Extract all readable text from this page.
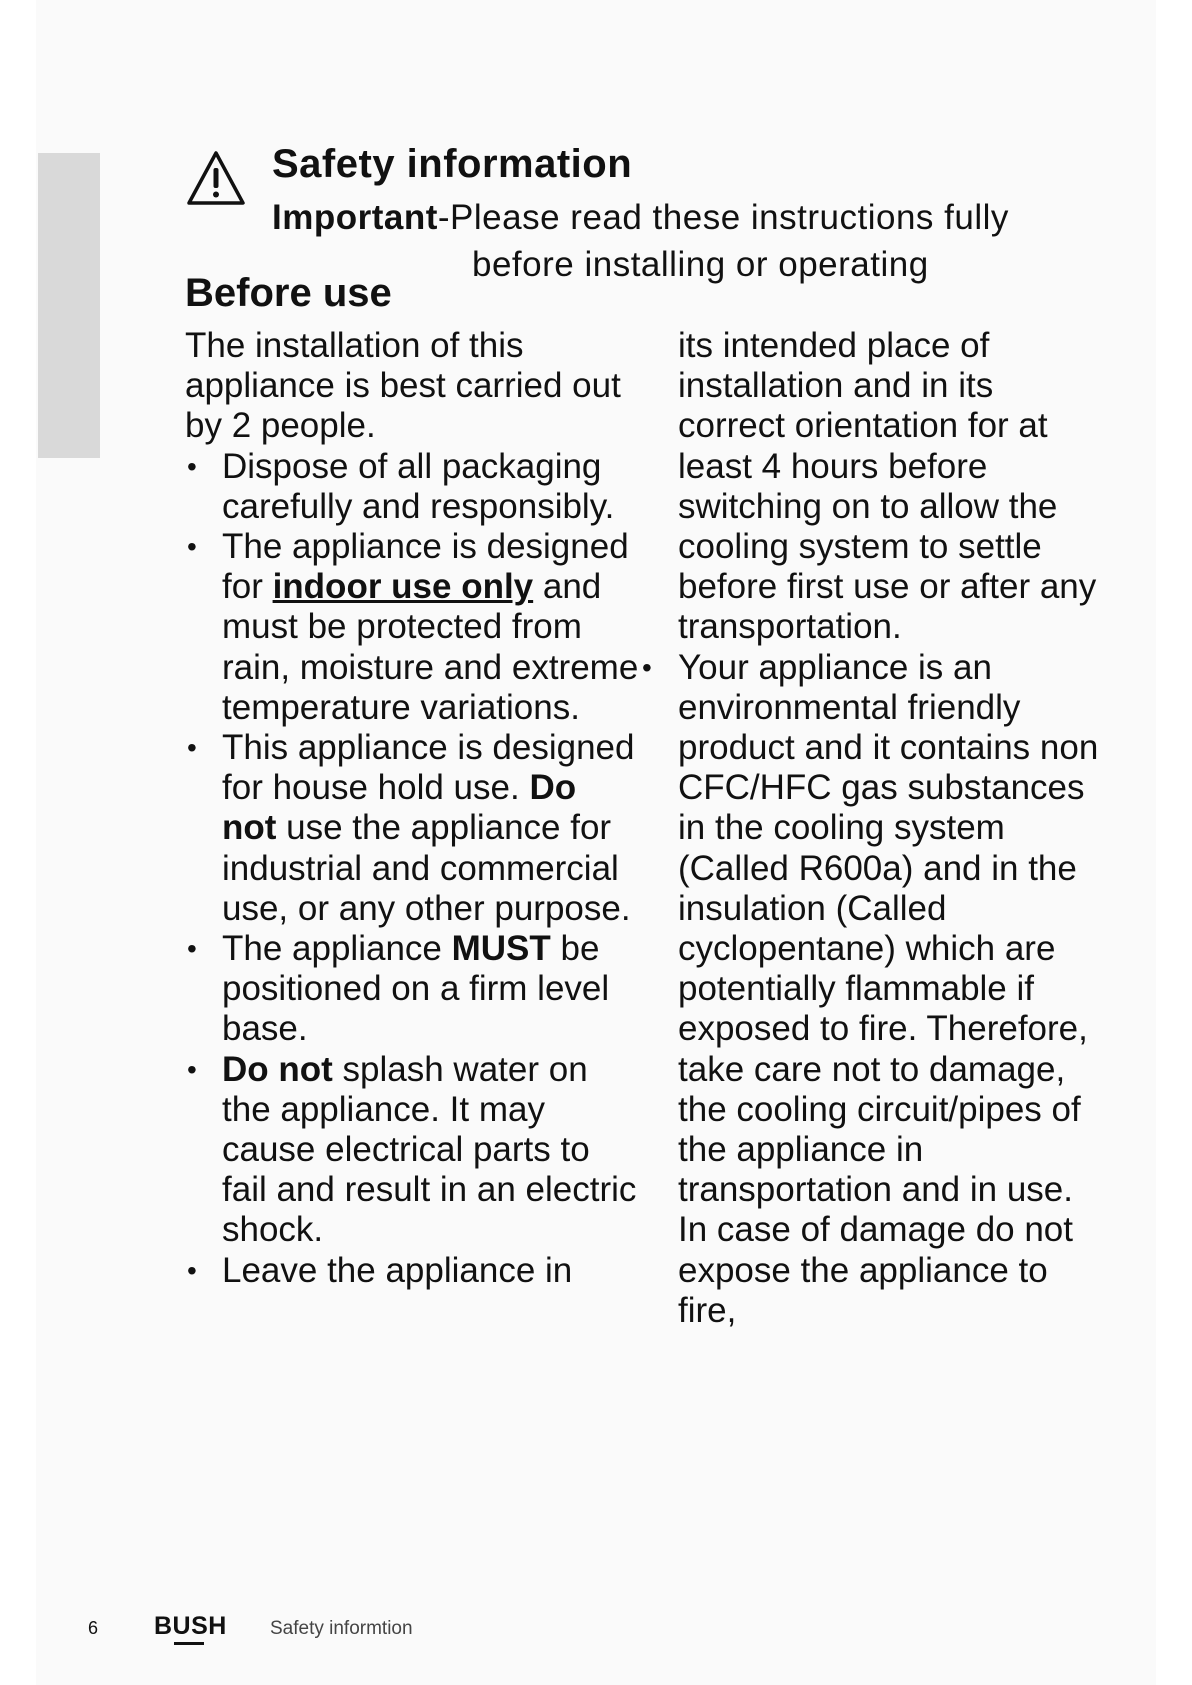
Safety information
Important-Please read these instructions fully
before installing or operating
Before use

The installation of this appliance is best carried out by 2 people.

• Dispose of all packaging carefully and responsibly.
• The appliance is designed for indoor use only and must be protected from rain, moisture and extreme temperature variations.
• This appliance is designed for house hold use. Do not use the appliance for industrial and commercial use, or any other purpose.
• The appliance MUST be positioned on a firm level base.
• Do not splash water on the appliance. It may cause electrical parts to fail and result in an electric shock.
• Leave the appliance in

its intended place of installation and in its correct orientation for at least 4 hours before switching on to allow the cooling system to settle before first use or after any transportation.

• Your appliance is an environmental friendly product and it contains non CFC/HFC gas substances in the cooling system (Called R600a) and in the insulation (Called cyclopentane) which are potentially flammable if exposed to fire. Therefore, take care not to damage, the cooling circuit/pipes of the appliance in transportation and in use. In case of damage do not expose the appliance to fire,
6 BUSH Safety informtion
